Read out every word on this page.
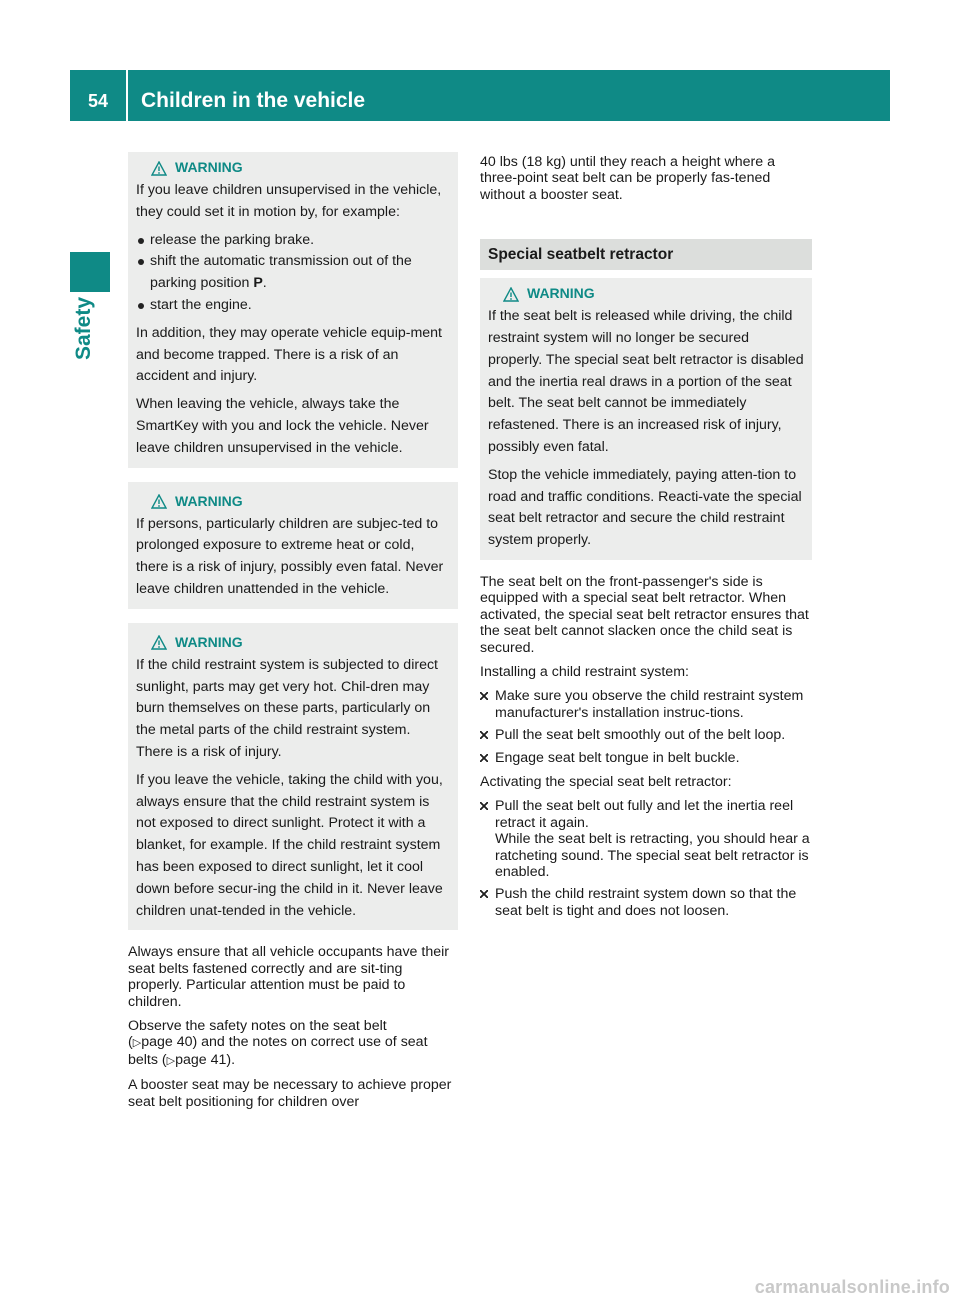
54	Children in the vehicle
Safety
WARNING

If you leave children unsupervised in the vehicle, they could set it in motion by, for example:

release the parking brake.
shift the automatic transmission out of the parking position P.
start the engine.

In addition, they may operate vehicle equip-ment and become trapped. There is a risk of an accident and injury.

When leaving the vehicle, always take the SmartKey with you and lock the vehicle. Never leave children unsupervised in the vehicle.

WARNING

If persons, particularly children are subjec-ted to prolonged exposure to extreme heat or cold, there is a risk of injury, possibly even fatal. Never leave children unattended in the vehicle.

WARNING

If the child restraint system is subjected to direct sunlight, parts may get very hot. Chil-dren may burn themselves on these parts, particularly on the metal parts of the child restraint system. There is a risk of injury.

If you leave the vehicle, taking the child with you, always ensure that the child restraint system is not exposed to direct sunlight. Protect it with a blanket, for example. If the child restraint system has been exposed to direct sunlight, let it cool down before secur-ing the child in it. Never leave children unat-tended in the vehicle.

Always ensure that all vehicle occupants have their seat belts fastened correctly and are sit-ting properly. Particular attention must be paid to children.

Observe the safety notes on the seat belt
(▷page 40) and the notes on correct use of seat belts (▷page 41).

A booster seat may be necessary to achieve proper seat belt positioning for children over

40 lbs (18 kg) until they reach a height where a three-point seat belt can be properly fas-tened without a booster seat.

Special seatbelt retractor
WARNING

If the seat belt is released while driving, the child restraint system will no longer be secured properly. The special seat belt retractor is disabled and the inertia real draws in a portion of the seat belt. The seat belt cannot be immediately refastened. There is an increased risk of injury, possibly even fatal.

Stop the vehicle immediately, paying atten-tion to road and traffic conditions. Reacti-vate the special seat belt retractor and secure the child restraint system properly.

The seat belt on the front-passenger's side is equipped with a special seat belt retractor. When activated, the special seat belt retractor ensures that the seat belt cannot slacken once the child seat is secured.

Installing a child restraint system:

Make sure you observe the child restraint system manufacturer's installation instruc-tions.
Pull the seat belt smoothly out of the belt loop.
Engage seat belt tongue in belt buckle.

Activating the special seat belt retractor:

Pull the seat belt out fully and let the inertia reel retract it again.
While the seat belt is retracting, you should hear a ratcheting sound. The special seat belt retractor is enabled.
Push the child restraint system down so that the seat belt is tight and does not loosen.
carmanualsonline.info
